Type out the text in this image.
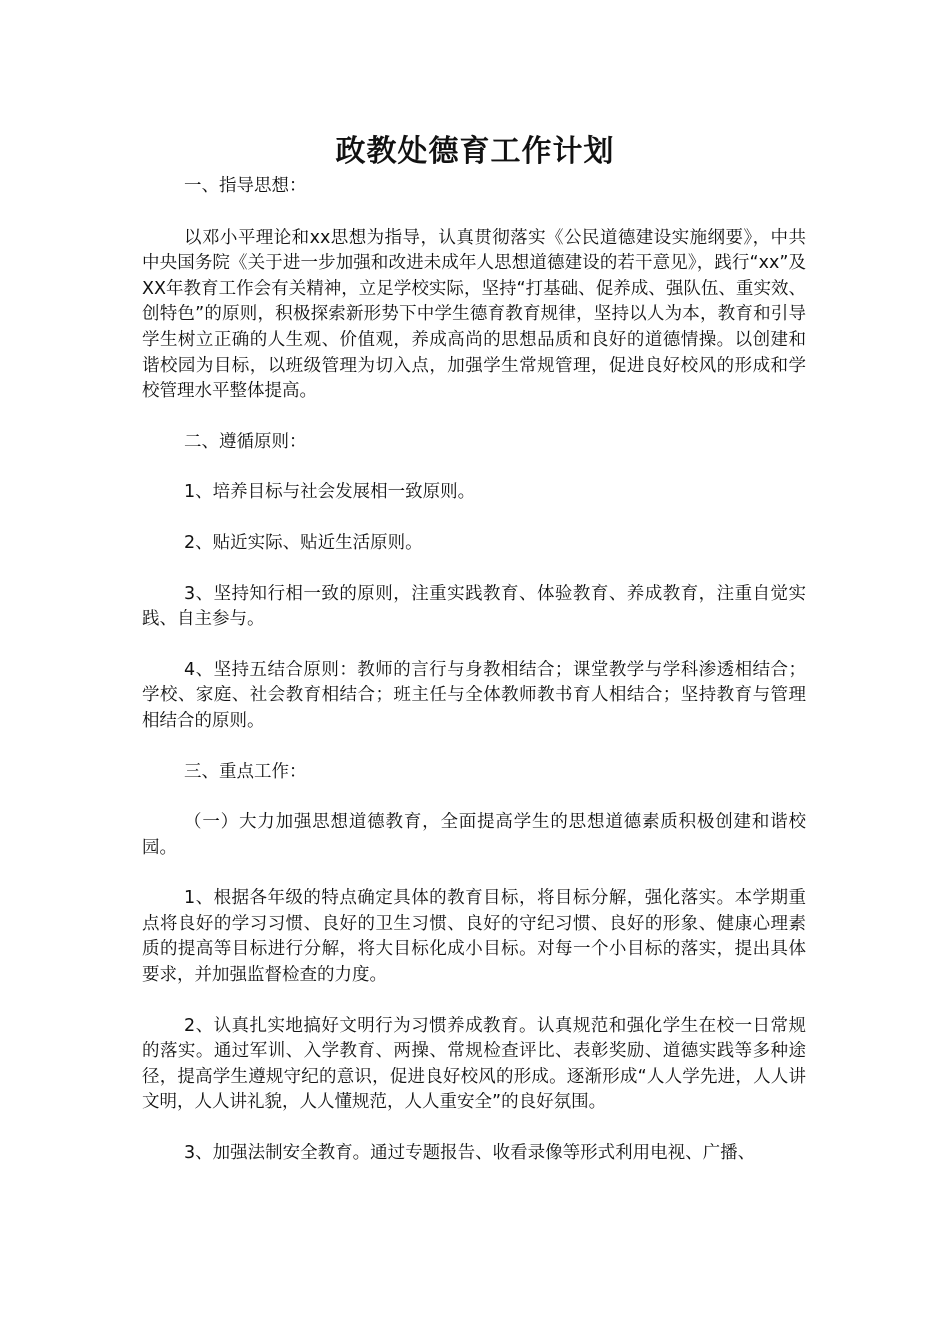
政教处德育工作计划

一、指导思想：

以邓小平理论和xx思想为指导，认真贯彻落实《公民道德建设实施纲要》，中共中央国务院《关于进一步加强和改进未成年人思想道德建设的若干意见》，践行“xx”及XX年教育工作会有关精神，立足学校实际，坚持“打基础、促养成、强队伍、重实效、创特色”的原则，积极探索新形势下中学生德育教育规律，坚持以人为本，教育和引导学生树立正确的人生观、价值观，养成高尚的思想品质和良好的道德情操。以创建和谐校园为目标，以班级管理为切入点，加强学生常规管理，促进良好校风的形成和学校管理水平整体提高。

二、遵循原则：

1、培养目标与社会发展相一致原则。

2、贴近实际、贴近生活原则。

3、坚持知行相一致的原则，注重实践教育、体验教育、养成教育，注重自觉实践、自主参与。

4、坚持五结合原则：教师的言行与身教相结合；课堂教学与学科渗透相结合；学校、家庭、社会教育相结合；班主任与全体教师教书育人相结合；坚持教育与管理相结合的原则。

三、重点工作：

（一）大力加强思想道德教育，全面提高学生的思想道德素质积极创建和谐校园。

1、根据各年级的特点确定具体的教育目标，将目标分解，强化落实。本学期重点将良好的学习习惯、良好的卫生习惯、良好的守纪习惯、良好的形象、健康心理素质的提高等目标进行分解，将大目标化成小目标。对每一个小目标的落实，提出具体要求，并加强监督检查的力度。

2、认真扎实地搞好文明行为习惯养成教育。认真规范和强化学生在校一日常规的落实。通过军训、入学教育、两操、常规检查评比、表彰奖励、道德实践等多种途径，提高学生遵规守纪的意识，促进良好校风的形成。逐渐形成“人人学先进，人人讲文明，人人讲礼貌，人人懂规范，人人重安全”的良好氛围。

3、加强法制安全教育。通过专题报告、收看录像等形式利用电视、广播、
